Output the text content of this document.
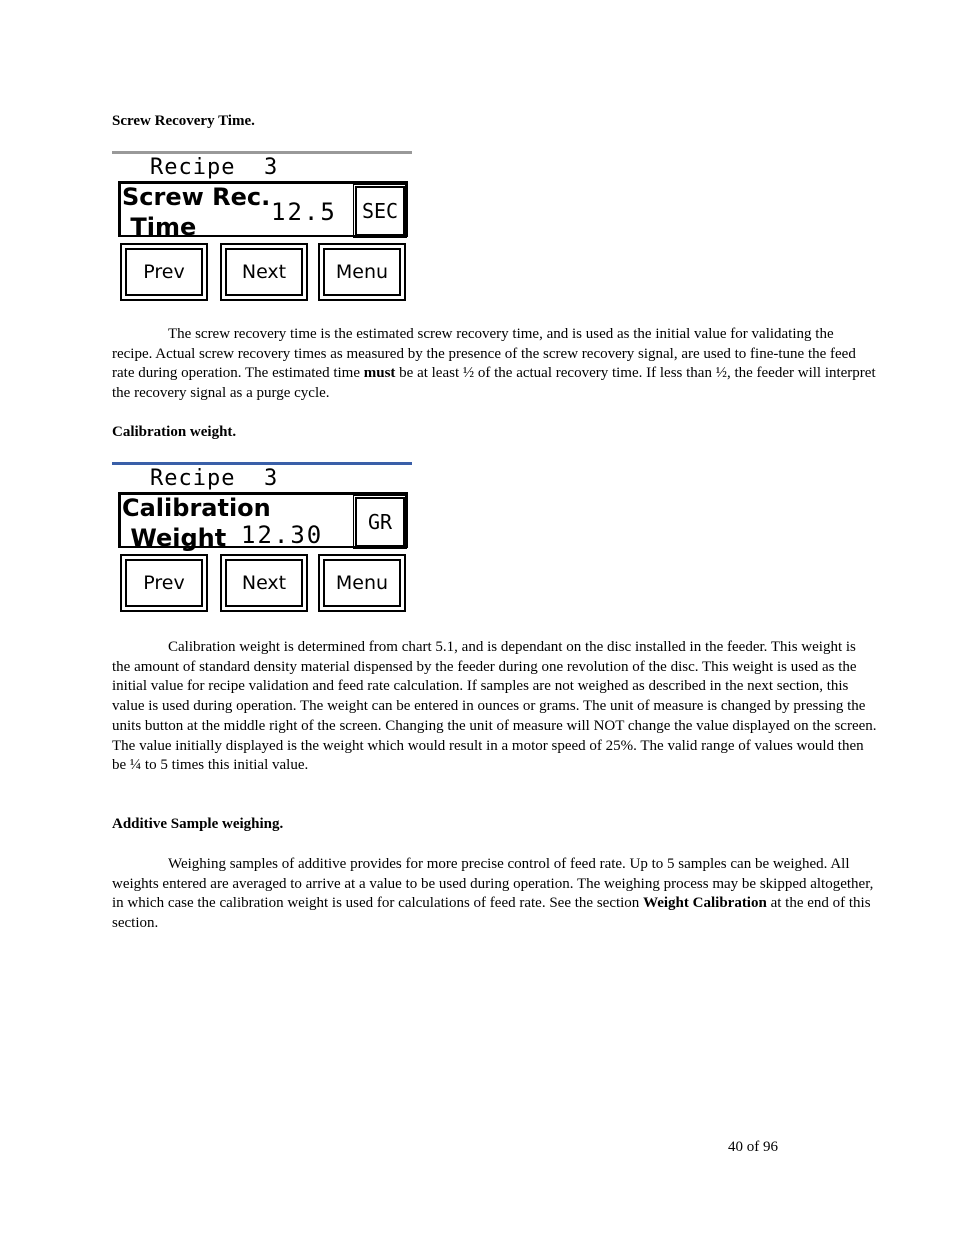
Screw Recovery Time.

Recipe  3
Screw Rec.
Time
12.5	SEC
Prev	Next	Menu

The screw recovery time is the estimated screw recovery time, and is used as the initial value for validating the recipe. Actual screw recovery times as measured by the presence of the screw recovery signal, are used to fine-tune the feed rate during operation. The estimated time must be at least ½ of the actual recovery time. If less than ½, the feeder will interpret the recovery signal as a purge cycle.

Calibration weight.

Recipe  3
Calibration
Weight 12.30	GR
Prev	Next	Menu

Calibration weight is determined from chart 5.1, and is dependant on the disc installed in the feeder. This weight is the amount of standard density material dispensed by the feeder during one revolution of the disc. This weight is used as the initial value for recipe validation and feed rate calculation. If samples are not weighed as described in the next section, this value is used during operation. The weight can be entered in ounces or grams. The unit of measure is changed by pressing the units button at the middle right of the screen. Changing the unit of measure will NOT change the value displayed on the screen. The value initially displayed is the weight which would result in a motor speed of 25%. The valid range of values would then be ¼ to 5 times this initial value.

Additive Sample weighing.

Weighing samples of additive provides for more precise control of feed rate. Up to 5 samples can be weighed. All weights entered are averaged to arrive at a value to be used during operation. The weighing process may be skipped altogether, in which case the calibration weight is used for calculations of feed rate. See the section Weight Calibration at the end of this section.

40 of 96
